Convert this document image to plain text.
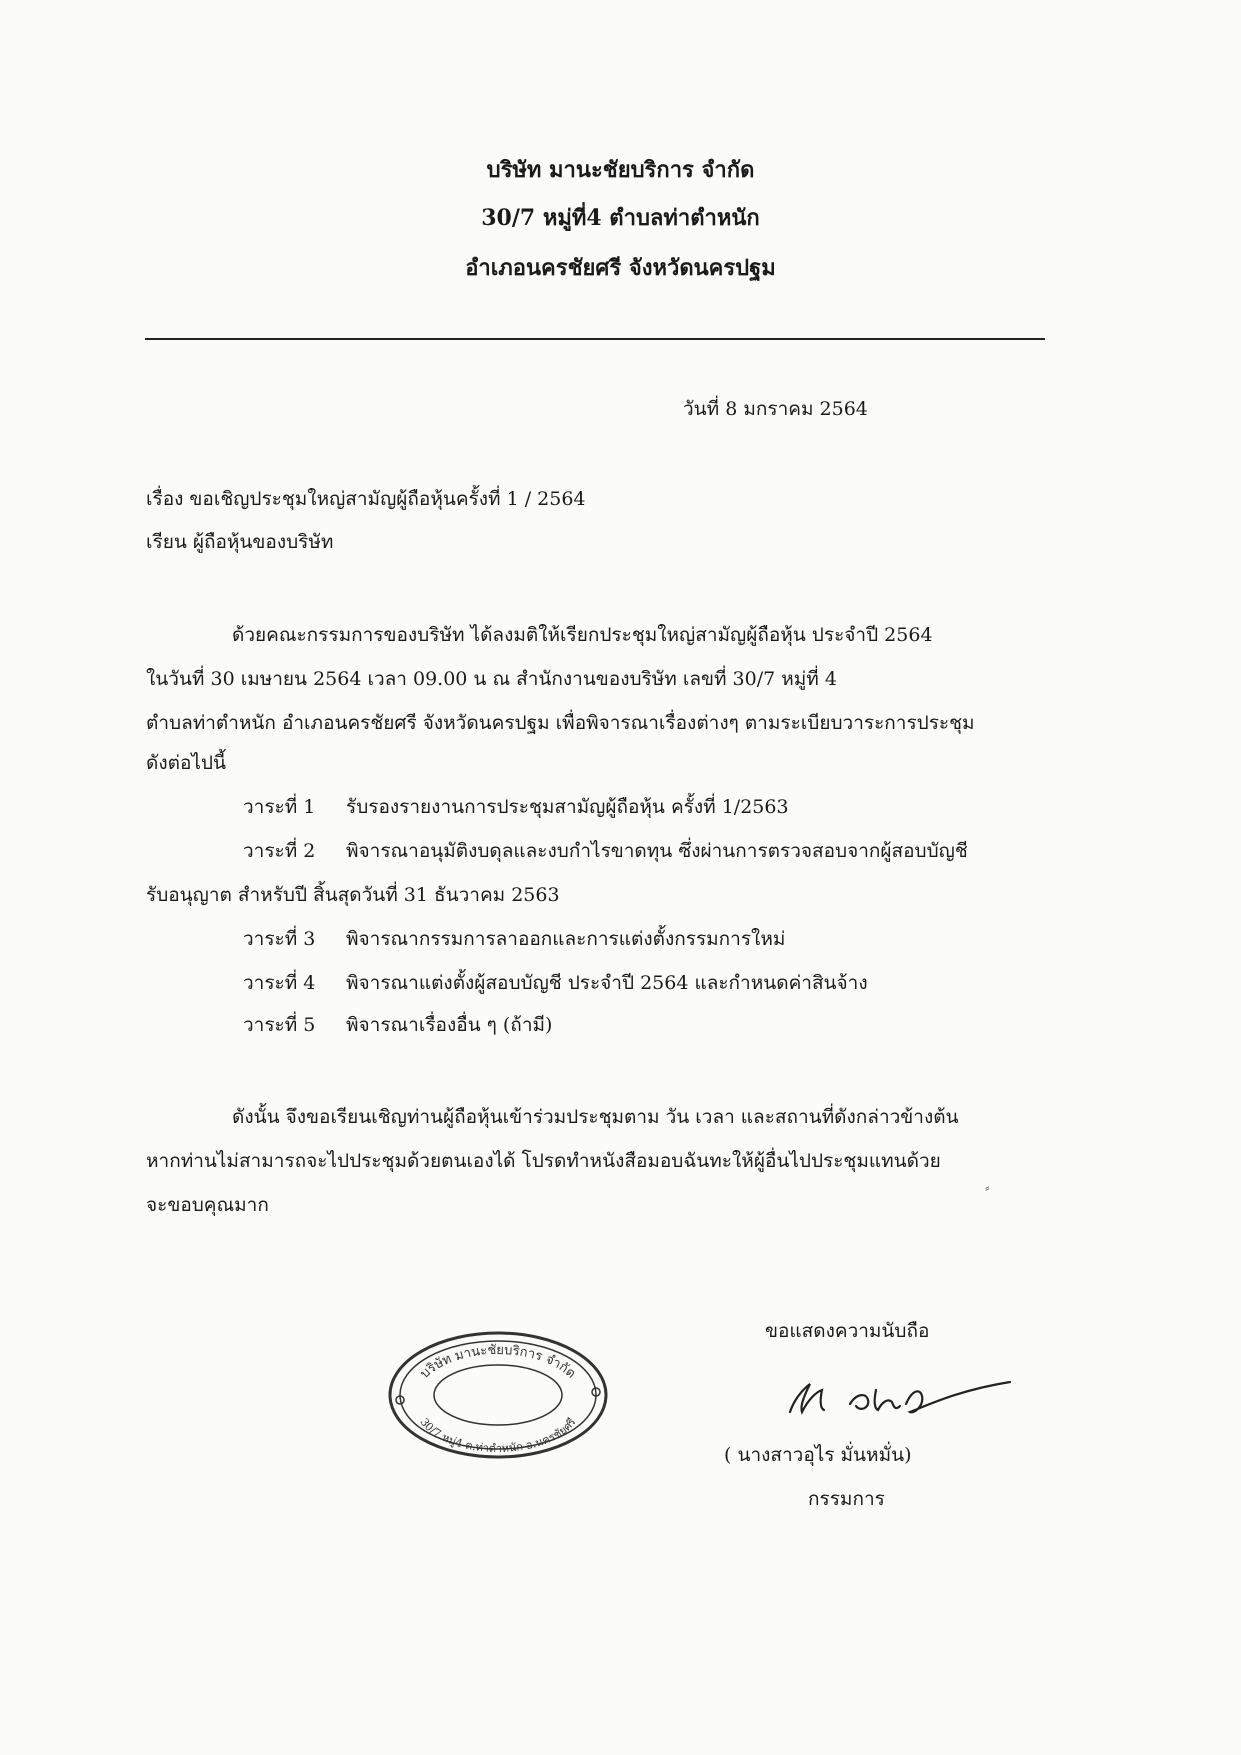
บริษัท มานะชัยบริการ จำกัด
30/7 หมู่ที่4 ตำบลท่าตำหนัก
อำเภอนครชัยศรี จังหวัดนครปฐม
วันที่ 8 มกราคม 2564
เรื่อง ขอเชิญประชุมใหญ่สามัญผู้ถือหุ้นครั้งที่ 1 / 2564
เรียน ผู้ถือหุ้นของบริษัท
ด้วยคณะกรรมการของบริษัท ได้ลงมติให้เรียกประชุมใหญ่สามัญผู้ถือหุ้น ประจำปี 2564
ในวันที่ 30 เมษายน 2564 เวลา 09.00 น ณ สำนักงานของบริษัท เลขที่ 30/7 หมู่ที่ 4
ตำบลท่าตำหนัก อำเภอนครชัยศรี จังหวัดนครปฐม เพื่อพิจารณาเรื่องต่างๆ ตามระเบียบวาระการประชุม
ดังต่อไปนี้
วาระที่ 1 รับรองรายงานการประชุมสามัญผู้ถือหุ้น ครั้งที่ 1/2563
วาระที่ 2 พิจารณาอนุมัติงบดุลและงบกำไรขาดทุน ซึ่งผ่านการตรวจสอบจากผู้สอบบัญชี
รับอนุญาต สำหรับปี สิ้นสุดวันที่ 31 ธันวาคม 2563
วาระที่ 3 พิจารณากรรมการลาออกและการแต่งตั้งกรรมการใหม่
วาระที่ 4 พิจารณาแต่งตั้งผู้สอบบัญชี ประจำปี 2564 และกำหนดค่าสินจ้าง
วาระที่ 5 พิจารณาเรื่องอื่น ๆ (ถ้ามี)
ดังนั้น จึงขอเรียนเชิญท่านผู้ถือหุ้นเข้าร่วมประชุมตาม วัน เวลา และสถานที่ดังกล่าวข้างต้น
หากท่านไม่สามารถจะไปประชุมด้วยตนเองได้ โปรดทำหนังสือมอบฉันทะให้ผู้อื่นไปประชุมแทนด้วย
จะขอบคุณมาก
⸗
ขอแสดงความนับถือ
( นางสาวอุไร มั่นหมั่น)
กรรมการ
บริษัท มานะชัยบริการ จำกัด
30/7 หมู่4 ต.ท่าตำหนัก อ.นครชัยศรี
